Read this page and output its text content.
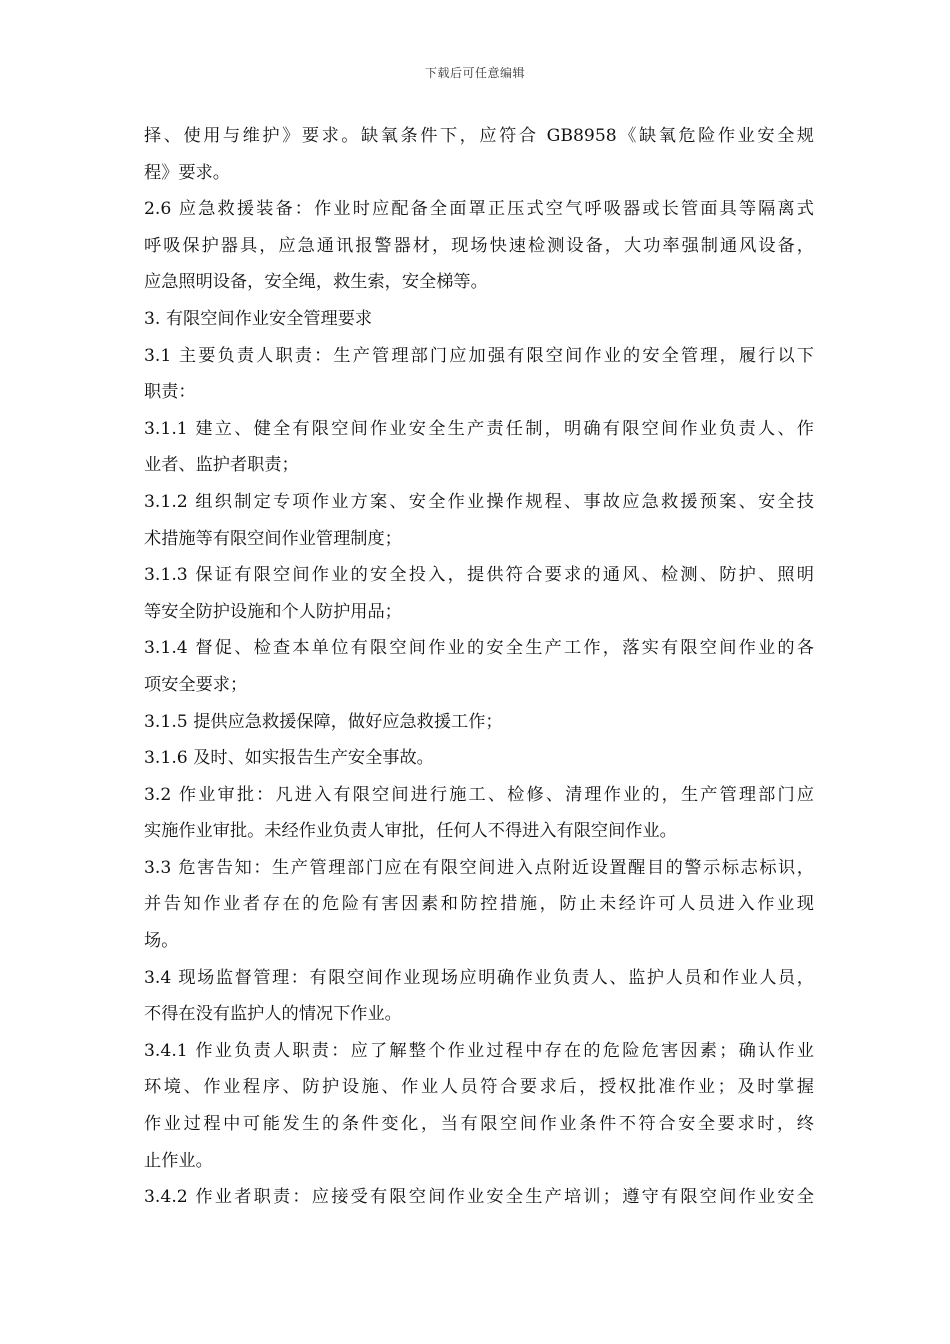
下载后可任意编辑
择、使用与维护》要求。缺氧条件下，应符合 GB8958《缺氧危险作业安全规
程》要求。
2.6 应急救援装备：作业时应配备全面罩正压式空气呼吸器或长管面具等隔离式
呼吸保护器具，应急通讯报警器材，现场快速检测设备，大功率强制通风设备，
应急照明设备，安全绳，救生索，安全梯等。
3. 有限空间作业安全管理要求
3.1 主要负责人职责：生产管理部门应加强有限空间作业的安全管理，履行以下
职责：
3.1.1 建立、健全有限空间作业安全生产责任制，明确有限空间作业负责人、作
业者、监护者职责；
3.1.2 组织制定专项作业方案、安全作业操作规程、事故应急救援预案、安全技
术措施等有限空间作业管理制度；
3.1.3 保证有限空间作业的安全投入，提供符合要求的通风、检测、防护、照明
等安全防护设施和个人防护用品；
3.1.4 督促、检查本单位有限空间作业的安全生产工作，落实有限空间作业的各
项安全要求；
3.1.5 提供应急救援保障，做好应急救援工作；
3.1.6 及时、如实报告生产安全事故。
3.2 作业审批：凡进入有限空间进行施工、检修、清理作业的，生产管理部门应
实施作业审批。未经作业负责人审批，任何人不得进入有限空间作业。
3.3 危害告知：生产管理部门应在有限空间进入点附近设置醒目的警示标志标识，
并告知作业者存在的危险有害因素和防控措施，防止未经许可人员进入作业现
场。
3.4 现场监督管理：有限空间作业现场应明确作业负责人、监护人员和作业人员，
不得在没有监护人的情况下作业。
3.4.1 作业负责人职责：应了解整个作业过程中存在的危险危害因素；确认作业
环境、作业程序、防护设施、作业人员符合要求后，授权批准作业；及时掌握
作业过程中可能发生的条件变化，当有限空间作业条件不符合安全要求时，终
止作业。
3.4.2 作业者职责：应接受有限空间作业安全生产培训；遵守有限空间作业安全
